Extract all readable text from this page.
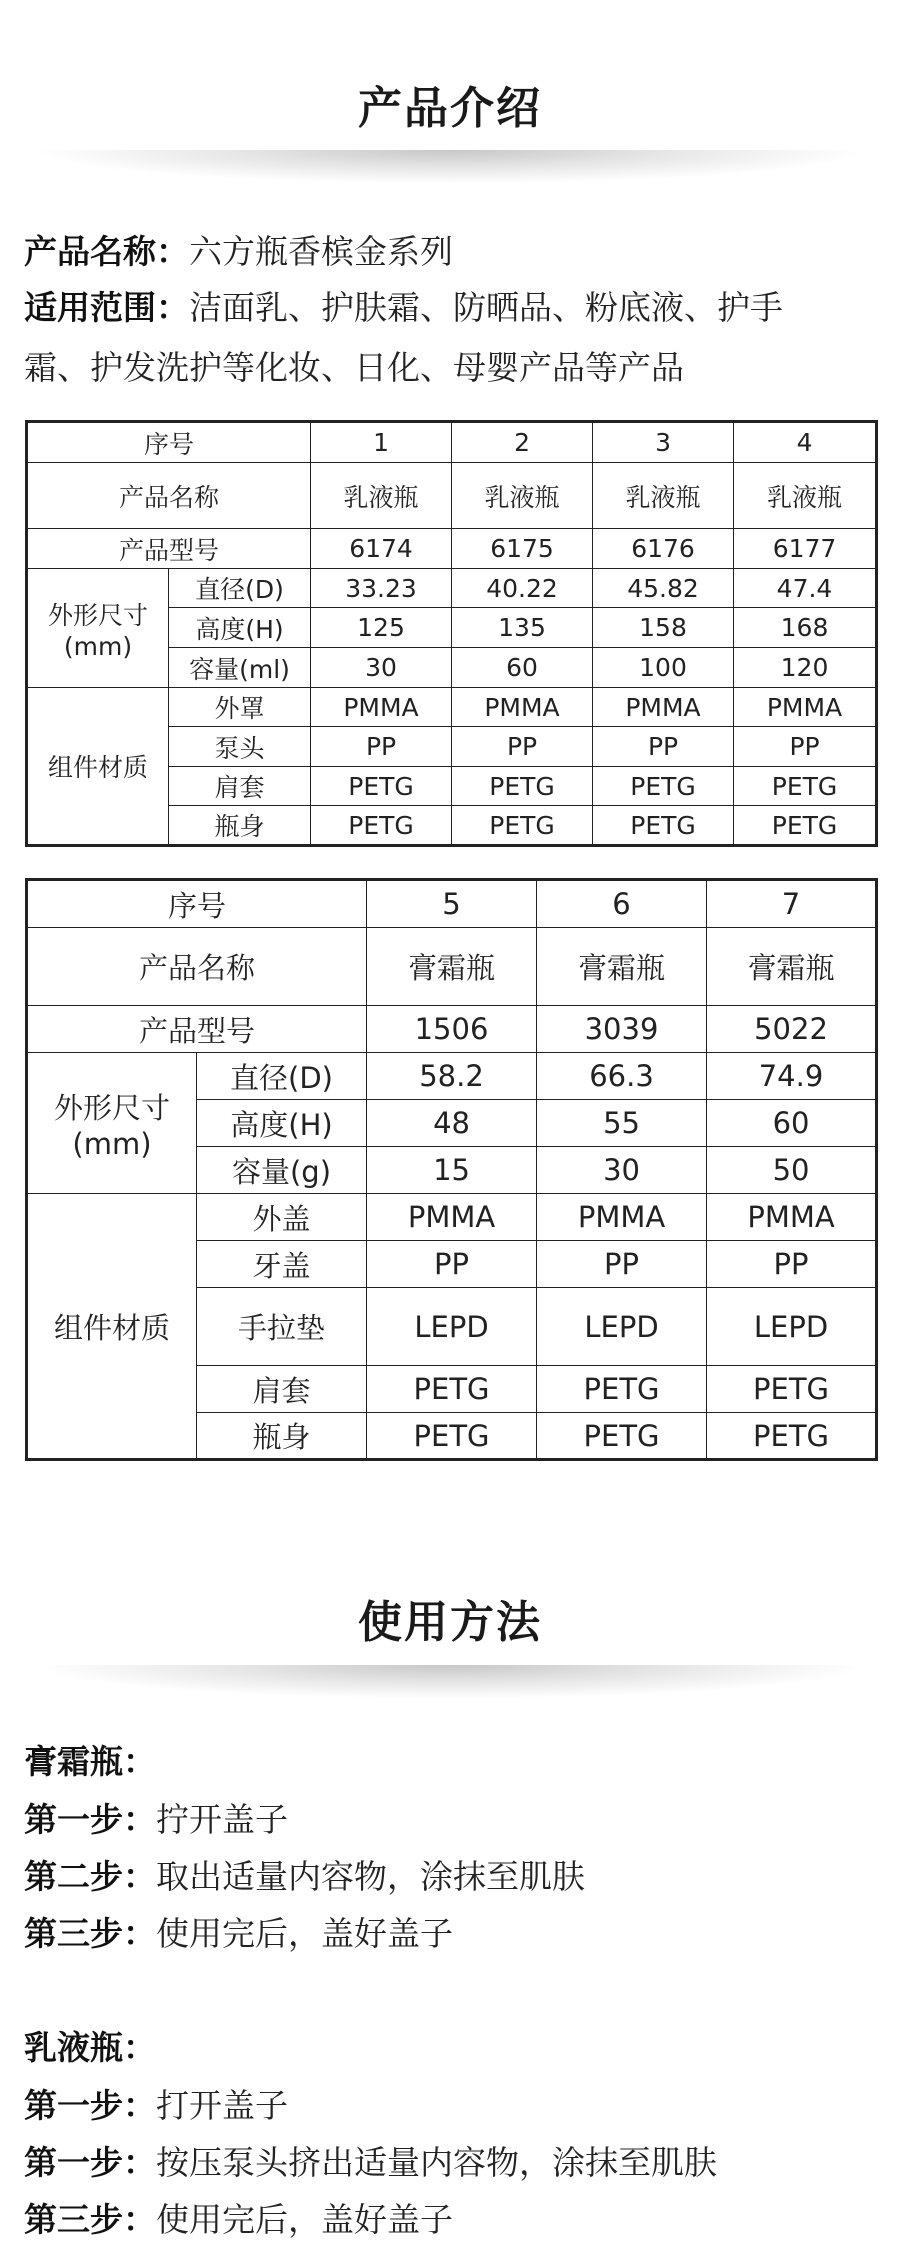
产品介绍
产品名称：六方瓶香槟金系列
适用范围：洁面乳、护肤霜、防晒品、粉底液、护手
霜、护发洗护等化妆、日化、母婴产品等产品
序号		1	2	3	4
产品名称		乳液瓶	乳液瓶	乳液瓶	乳液瓶
产品型号		6174	6175	6176	6177
外形尺寸
(mm)	直径(D)	33.23	40.22	45.82	47.4
	高度(H)	125	135	158	168
	容量(ml)	30	60	100	120
组件材质	外罩	PMMA	PMMA	PMMA	PMMA
	泵头	PP	PP	PP	PP
	肩套	PETG	PETG	PETG	PETG
	瓶身	PETG	PETG	PETG	PETG
序号		5	6	7
产品名称		膏霜瓶	膏霜瓶	膏霜瓶
产品型号		1506	3039	5022
外形尺寸
(mm)	直径(D)	58.2	66.3	74.9
	高度(H)	48	55	60
	容量(g)	15	30	50
组件材质	外盖	PMMA	PMMA	PMMA
	牙盖	PP	PP	PP
	手拉垫	LEPD	LEPD	LEPD
	肩套	PETG	PETG	PETG
	瓶身	PETG	PETG	PETG
使用方法
膏霜瓶：
第一步：拧开盖子
第二步：取出适量内容物，涂抹至肌肤
第三步：使用完后，盖好盖子
乳液瓶：
第一步：打开盖子
第一步：按压泵头挤出适量内容物，涂抹至肌肤
第三步：使用完后，盖好盖子
